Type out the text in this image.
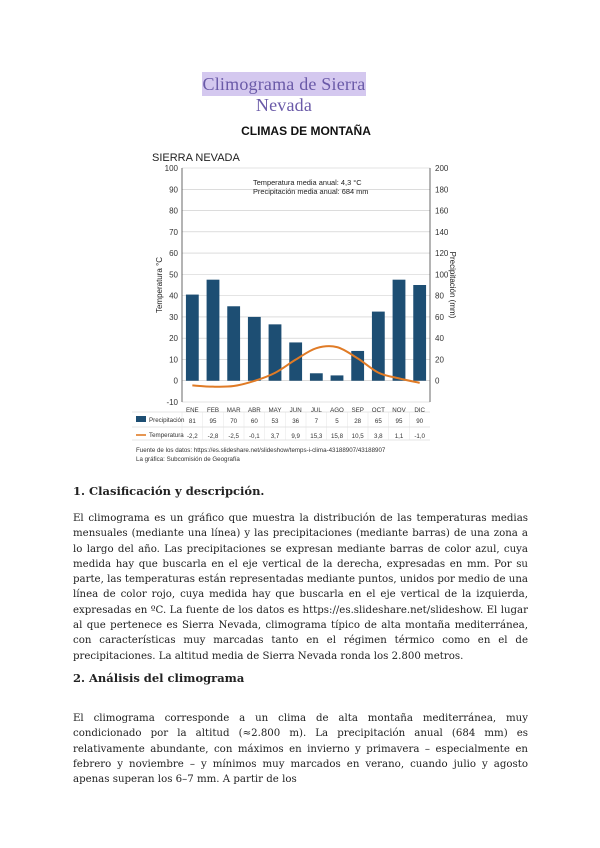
Climograma de Sierra Nevada
CLIMAS DE MONTAÑA
SIERRA NEVADA
100
90
80
70
60
50
40
30
20
10
0
-10
200
180
160
140
120
100
80
60
40
20
0
Temperatura °C	Precipitación (mm)
Temperatura media anual: 4,3 °C
Precipitación media anual: 684 mm
ENE
81
-2,2
FEB
95
-2,8
MAR
70
-2,5
ABR
60
-0,1
MAY
53
3,7
JUN
36
9,9
JUL
7
15,3
AGO
5
15,8
SEP
28
10,5
OCT
65
3,8
NOV
95
1,1
DIC
90
-1,0
Precipitación
Temperatura
Fuente de los datos: https://es.slideshare.net/slideshow/temps-i-clima-43188907/43188907
La gráfica: Subcomisión de Geografía
1. Clasificación y descripción.
El climograma es un gráfico que muestra la distribución de las temperaturas medias mensuales (mediante una línea) y las precipitaciones (mediante barras) de una zona a lo largo del año. Las precipitaciones se expresan mediante barras de color azul, cuya medida hay que buscarla en el eje vertical de la derecha, expresadas en mm. Por su parte, las temperaturas están representadas mediante puntos, unidos por medio de una línea de color rojo, cuya medida hay que buscarla en el eje vertical de la izquierda, expresadas en ºC. La fuente de los datos es https://es.slideshare.net/slideshow. El lugar al que pertenece es Sierra Nevada, climograma típico de alta montaña mediterránea, con características muy marcadas tanto en el régimen térmico como en el de precipitaciones. La altitud media de Sierra Nevada ronda los 2.800 metros.
2. Análisis del climograma
El climograma corresponde a un clima de alta montaña mediterránea, muy condicionado por la altitud (≈2.800 m). La precipitación anual (684 mm) es relativamente abundante, con máximos en invierno y primavera – especialmente en febrero y noviembre – y mínimos muy marcados en verano, cuando julio y agosto apenas superan los 6–7 mm. A partir de los
